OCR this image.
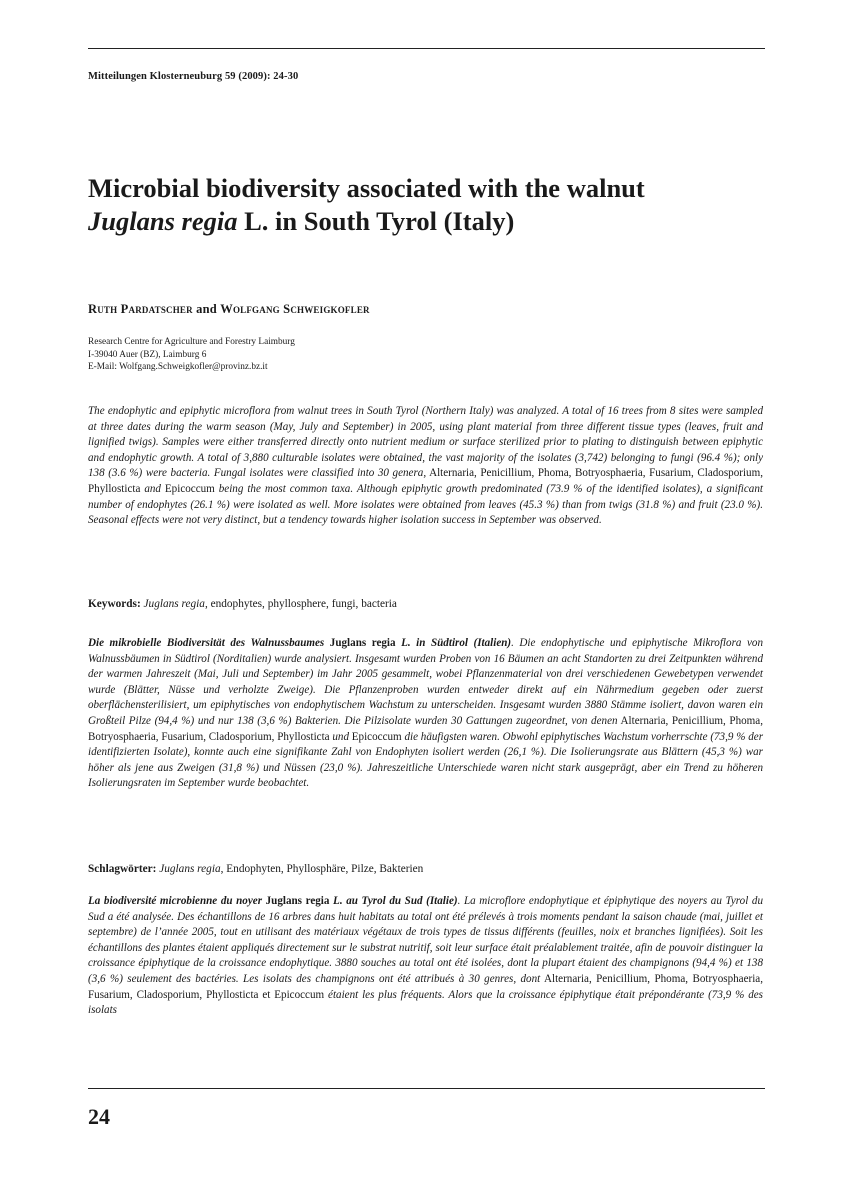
Mitteilungen Klosterneuburg 59 (2009): 24-30
Microbial biodiversity associated with the walnut
Juglans regia L. in South Tyrol (Italy)
Ruth Pardatscher and Wolfgang Schweigkofler
Research Centre for Agriculture and Forestry Laimburg
I-39040 Auer (BZ), Laimburg 6
E-Mail: Wolfgang.Schweigkofler@provinz.bz.it
The endophytic and epiphytic microflora from walnut trees in South Tyrol (Northern Italy) was analyzed. A total of 16 trees from 8 sites were sampled at three dates during the warm season (May, July and September) in 2005, using plant material from three different tissue types (leaves, fruit and lignified twigs). Samples were either transferred directly onto nutrient medium or surface sterilized prior to plating to distinguish between epiphytic and endophytic growth. A total of 3,880 culturable isolates were obtained, the vast majority of the isolates (3,742) belonging to fungi (96.4 %); only 138 (3.6 %) were bacteria. Fungal isolates were classified into 30 genera, Alternaria, Penicillium, Phoma, Botryosphaeria, Fusarium, Cladosporium, Phyllosticta and Epicoccum being the most common taxa. Although epiphytic growth predominated (73.9 % of the identified isolates), a significant number of endophytes (26.1 %) were isolated as well. More isolates were obtained from leaves (45.3 %) than from twigs (31.8 %) and fruit (23.0 %). Seasonal effects were not very distinct, but a tendency towards higher isolation success in September was observed.
Keywords: Juglans regia, endophytes, phyllosphere, fungi, bacteria
Die mikrobielle Biodiversität des Walnussbaumes Juglans regia L. in Südtirol (Italien). Die endophytische und epiphytische Mikroflora von Walnussbäumen in Südtirol (Norditalien) wurde analysiert. Insgesamt wurden Proben von 16 Bäumen an acht Standorten zu drei Zeitpunkten während der warmen Jahreszeit (Mai, Juli und September) im Jahr 2005 gesammelt, wobei Pflanzenmaterial von drei verschiedenen Gewebetypen verwendet wurde (Blätter, Nüsse und verholzte Zweige). Die Pflanzenproben wurden entweder direkt auf ein Nährmedium gegeben oder zuerst oberflächensterilisiert, um epiphytisches von endophytischem Wachstum zu unterscheiden. Insgesamt wurden 3880 Stämme isoliert, davon waren ein Großteil Pilze (94,4 %) und nur 138 (3,6 %) Bakterien. Die Pilzisolate wurden 30 Gattungen zugeordnet, von denen Alternaria, Penicillium, Phoma, Botryosphaeria, Fusarium, Cladosporium, Phyllosticta und Epicoccum die häufigsten waren. Obwohl epiphytisches Wachstum vorherrschte (73,9 % der identifizierten Isolate), konnte auch eine signifikante Zahl von Endophyten isoliert werden (26,1 %). Die Isolierungsrate aus Blättern (45,3 %) war höher als jene aus Zweigen (31,8 %) und Nüssen (23,0 %). Jahreszeitliche Unterschiede waren nicht stark ausgeprägt, aber ein Trend zu höheren Isolierungsraten im September wurde beobachtet.
Schlagwörter: Juglans regia, Endophyten, Phyllosphäre, Pilze, Bakterien
La biodiversité microbienne du noyer Juglans regia L. au Tyrol du Sud (Italie). La microflore endophytique et épiphytique des noyers au Tyrol du Sud a été analysée. Des échantillons de 16 arbres dans huit habitats au total ont été prélevés à trois moments pendant la saison chaude (mai, juillet et septembre) de l’année 2005, tout en utilisant des matériaux végétaux de trois types de tissus différents (feuilles, noix et branches lignifiées). Soit les échantillons des plantes étaient appliqués directement sur le substrat nutritif, soit leur surface était préalablement traitée, afin de pouvoir distinguer la croissance épiphytique de la croissance endophytique. 3880 souches au total ont été isolées, dont la plupart étaient des champignons (94,4 %) et 138 (3,6 %) seulement des bactéries. Les isolats des champignons ont été attribués à 30 genres, dont Alternaria, Penicillium, Phoma, Botryosphaeria, Fusarium, Cladosporium, Phyllosticta et Epicoccum étaient les plus fréquents. Alors que la croissance épiphytique était prépondérante (73,9 % des isolats
24
